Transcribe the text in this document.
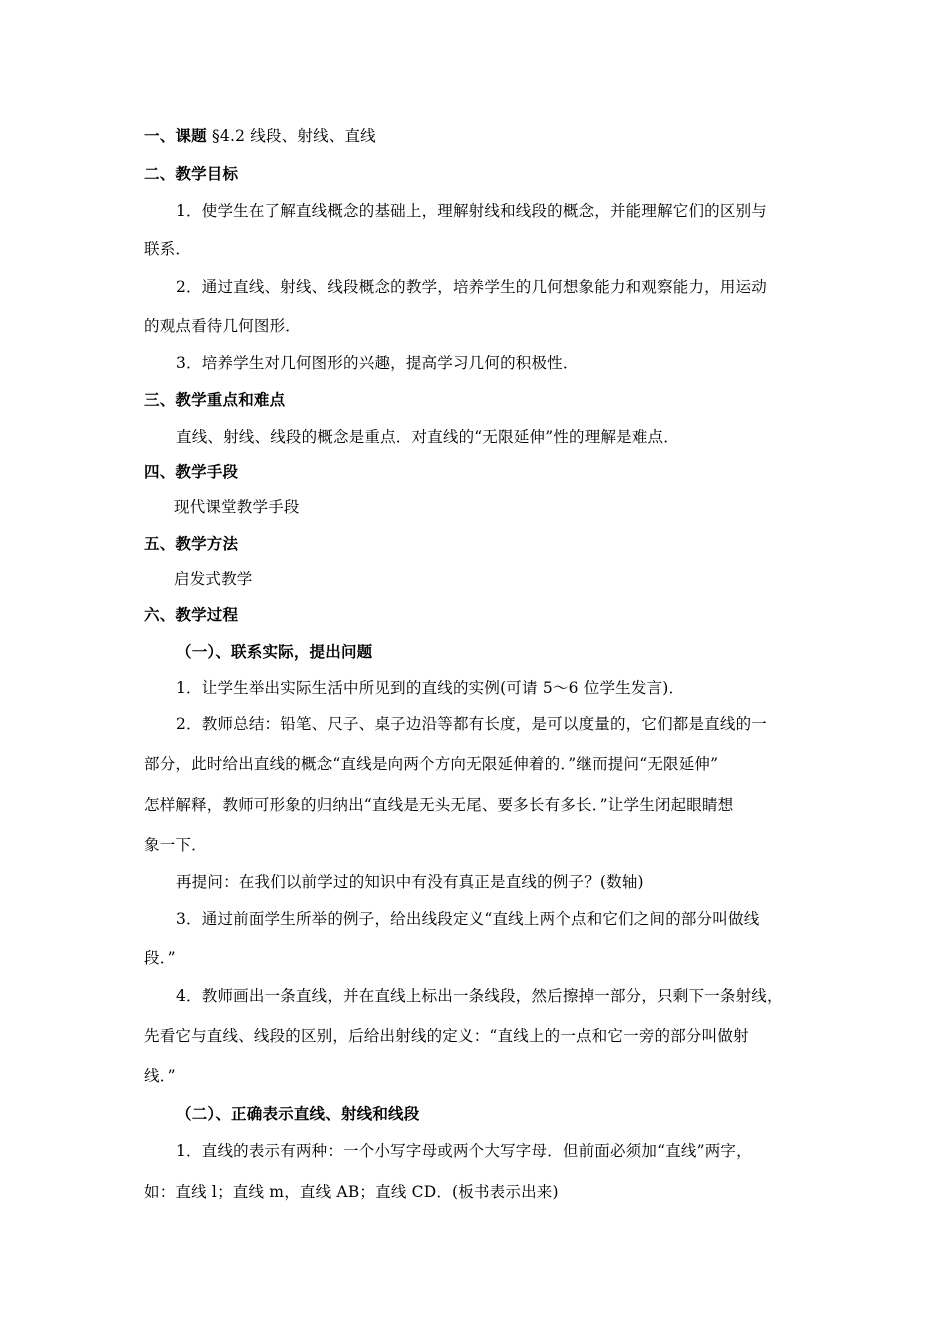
一、课题 §4.2 线段、射线、直线
二、教学目标
1．使学生在了解直线概念的基础上，理解射线和线段的概念，并能理解它们的区别与
联系．
2．通过直线、射线、线段概念的教学，培养学生的几何想象能力和观察能力，用运动
的观点看待几何图形．
3．培养学生对几何图形的兴趣，提高学习几何的积极性．
三、教学重点和难点
直线、射线、线段的概念是重点．对直线的“无限延伸”性的理解是难点．
四、教学手段
现代课堂教学手段
五、教学方法
启发式教学
六、教学过程
（一）、联系实际，提出问题
1．让学生举出实际生活中所见到的直线的实例(可请 5～6 位学生发言)．
2．教师总结：铅笔、尺子、桌子边沿等都有长度，是可以度量的，它们都是直线的一
部分，此时给出直线的概念“直线是向两个方向无限延伸着的．”继而提问“无限延伸”
怎样解释，教师可形象的归纳出“直线是无头无尾、要多长有多长．”让学生闭起眼睛想
象一下．
再提问：在我们以前学过的知识中有没有真正是直线的例子？(数轴)
3．通过前面学生所举的例子，给出线段定义“直线上两个点和它们之间的部分叫做线
段．”
4．教师画出一条直线，并在直线上标出一条线段，然后擦掉一部分，只剩下一条射线，
先看它与直线、线段的区别，后给出射线的定义：“直线上的一点和它一旁的部分叫做射
线．”
（二）、正确表示直线、射线和线段
1．直线的表示有两种：一个小写字母或两个大写字母．但前面必须加“直线”两字，
如：直线 l；直线 m，直线 AB；直线 CD．(板书表示出来)
